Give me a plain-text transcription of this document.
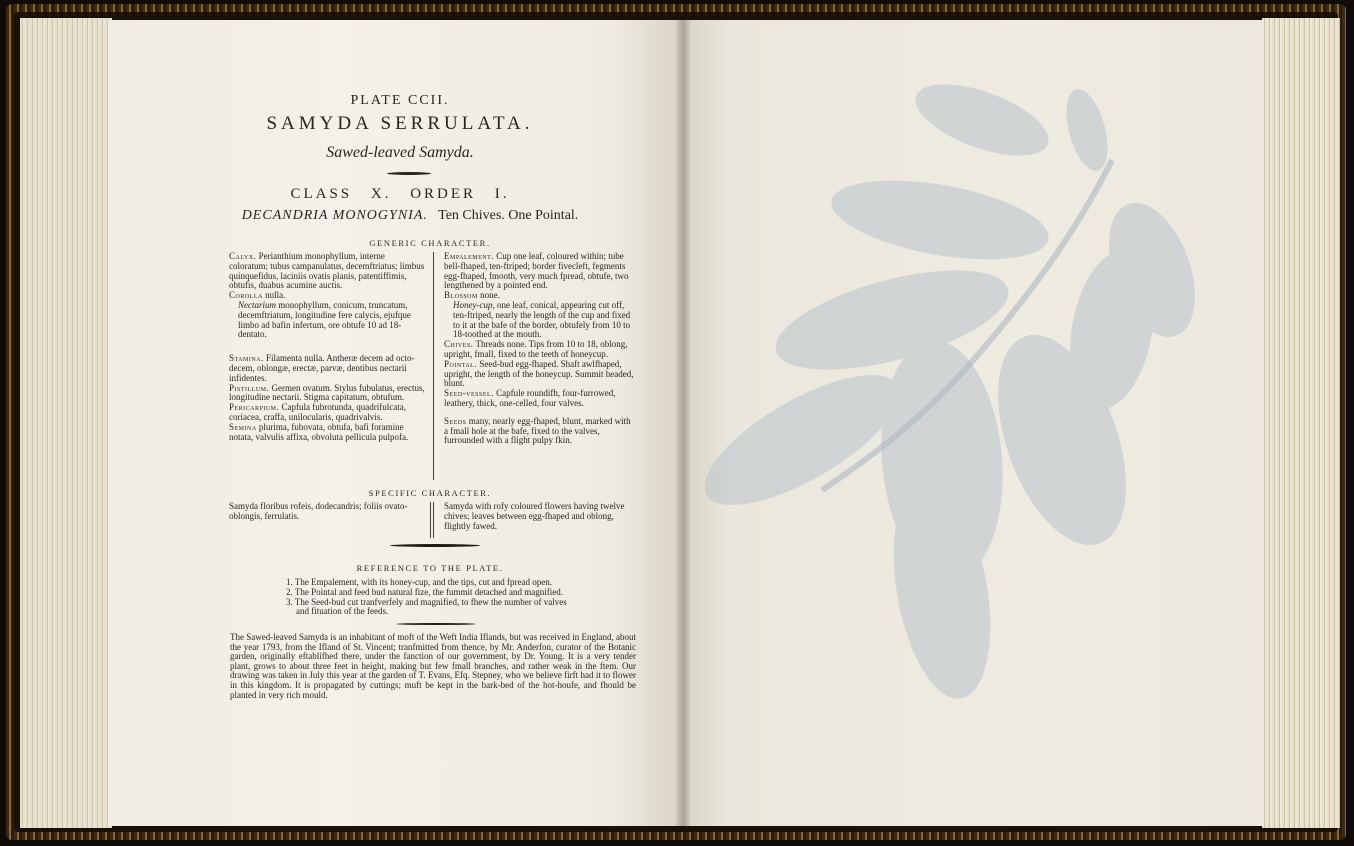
PLATE CCII.
SAMYDA SERRULATA.
Sawed-leaved Samyda.
CLASS X. ORDER I.
DECANDRIA MONOGYNIA. Ten Chives. One Pointal.
GENERIC CHARACTER.

Calyx. Perianthium monophyllum, interne coloratum; tubus campanulatus, decemftriatus; limbus quinquefidus, laciniis ovatis planis, patentiffimis, obtufis, duabus acumine auctis.

Corolla nulla.

Nectarium monophyllum, conicum, truncatum, decemftriatum, longitudine fere calycis, ejufque limbo ad bafin infertum, ore obtufe 10 ad 18-dentato.

Stamina. Filamenta nulla. Antheræ decem ad octo-decem, oblongæ, erectæ, parvæ, dentibus nectarii infidentes.

Pistillum. Germen ovatum. Stylus fubulatus, erectus, longitudine nectarii. Stigma capitatum, obtufum.

Pericarpium. Capfula fubrotunda, quadrifulcata, coriacea, craffa, unilocularis, quadrivalvis.

Semina plurima, fubovata, obtufa, bafi foramine notata, valvulis affixa, obvoluta pellicula pulpofa.

Empalement. Cup one leaf, coloured within; tube bell-fhaped, ten-ftriped; border fivecleft, fegments egg-fhaped, fmooth, very much fpread, obtufe, two lengthened by a pointed end.

Blossom none.

Honey-cup, one leaf, conical, appearing cut off, ten-ftriped, nearly the length of the cup and fixed to it at the bafe of the border, obtufely from 10 to 18-toothed at the mouth.

Chives. Threads none. Tips from 10 to 18, oblong, upright, fmall, fixed to the teeth of honeycup.

Pointal. Seed-bud egg-fhaped. Shaft awlfhaped, upright, the length of the honeycup. Summit headed, blunt.

Seed-vessel. Capfule roundifh, four-furrowed, leathery, thick, one-celled, four valves.

Seeds many, nearly egg-fhaped, blunt, marked with a fmall hole at the bafe, fixed to the valves, furrounded with a flight pulpy fkin.

SPECIFIC CHARACTER.
Samyda floribus rofeis, dodecandris; foliis ovato-oblongis, ferrulatis.
Samyda with rofy coloured flowers having twelve chives; leaves between egg-fhaped and oblong, flightly fawed.
REFERENCE TO THE PLATE.

1. The Empalement, with its honey-cup, and the tips, cut and fpread open.

2. The Pointal and feed bud natural fize, the fummit detached and magnified.

3. The Seed-bud cut tranfverfely and magnified, to fhew the number of valves

and fituation of the feeds.

The Sawed-leaved Samyda is an inhabitant of moft of the Weft India Iflands, but was received in England, about the year 1793, from the Ifland of St. Vincent; tranfmitted from thence, by Mr. Anderfon, curator of the Botanic garden, originally eftablifhed there, under the fanction of our government, by Dr. Young. It is a very tender plant, grows to about three feet in height, making but few fmall branches, and rather weak in the ftem. Our drawing was taken in July this year at the garden of T. Evans, Efq. Stepney, who we believe firft had it to flower in this kingdom. It is propagated by cuttings; muft be kept in the bark-bed of the hot-houfe, and fhould be planted in very rich mould.
